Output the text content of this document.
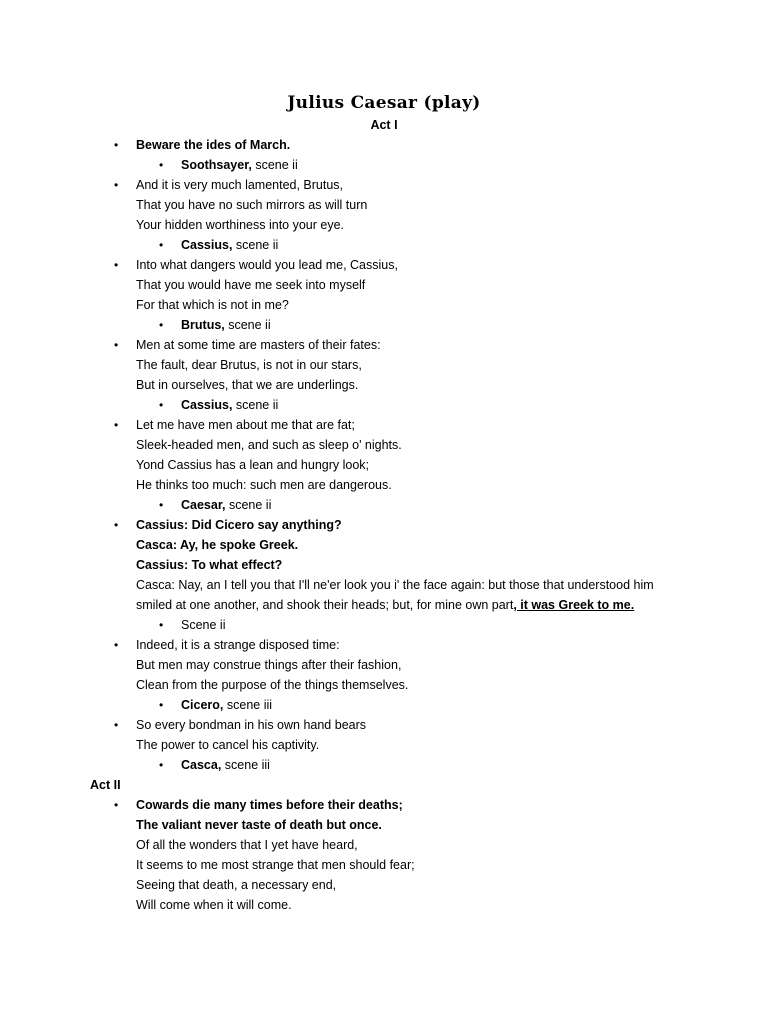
Julius Caesar (play)
Act I
• Beware the ides of March.
• Soothsayer, scene ii
• And it is very much lamented, Brutus,
That you have no such mirrors as will turn
Your hidden worthiness into your eye.
• Cassius, scene ii
• Into what dangers would you lead me, Cassius,
That you would have me seek into myself
For that which is not in me?
• Brutus, scene ii
• Men at some time are masters of their fates:
The fault, dear Brutus, is not in our stars,
But in ourselves, that we are underlings.
• Cassius, scene ii
• Let me have men about me that are fat;
Sleek-headed men, and such as sleep o' nights.
Yond Cassius has a lean and hungry look;
He thinks too much: such men are dangerous.
• Caesar, scene ii
• Cassius: Did Cicero say anything?
Casca: Ay, he spoke Greek.
Cassius: To what effect?
Casca: Nay, an I tell you that I'll ne'er look you i' the face again: but those that understood him
smiled at one another, and shook their heads; but, for mine own part, it was Greek to me.
• Scene ii
• Indeed, it is a strange disposed time:
But men may construe things after their fashion,
Clean from the purpose of the things themselves.
• Cicero, scene iii
• So every bondman in his own hand bears
The power to cancel his captivity.
• Casca, scene iii
Act II
• Cowards die many times before their deaths;
The valiant never taste of death but once.
Of all the wonders that I yet have heard,
It seems to me most strange that men should fear;
Seeing that death, a necessary end,
Will come when it will come.
